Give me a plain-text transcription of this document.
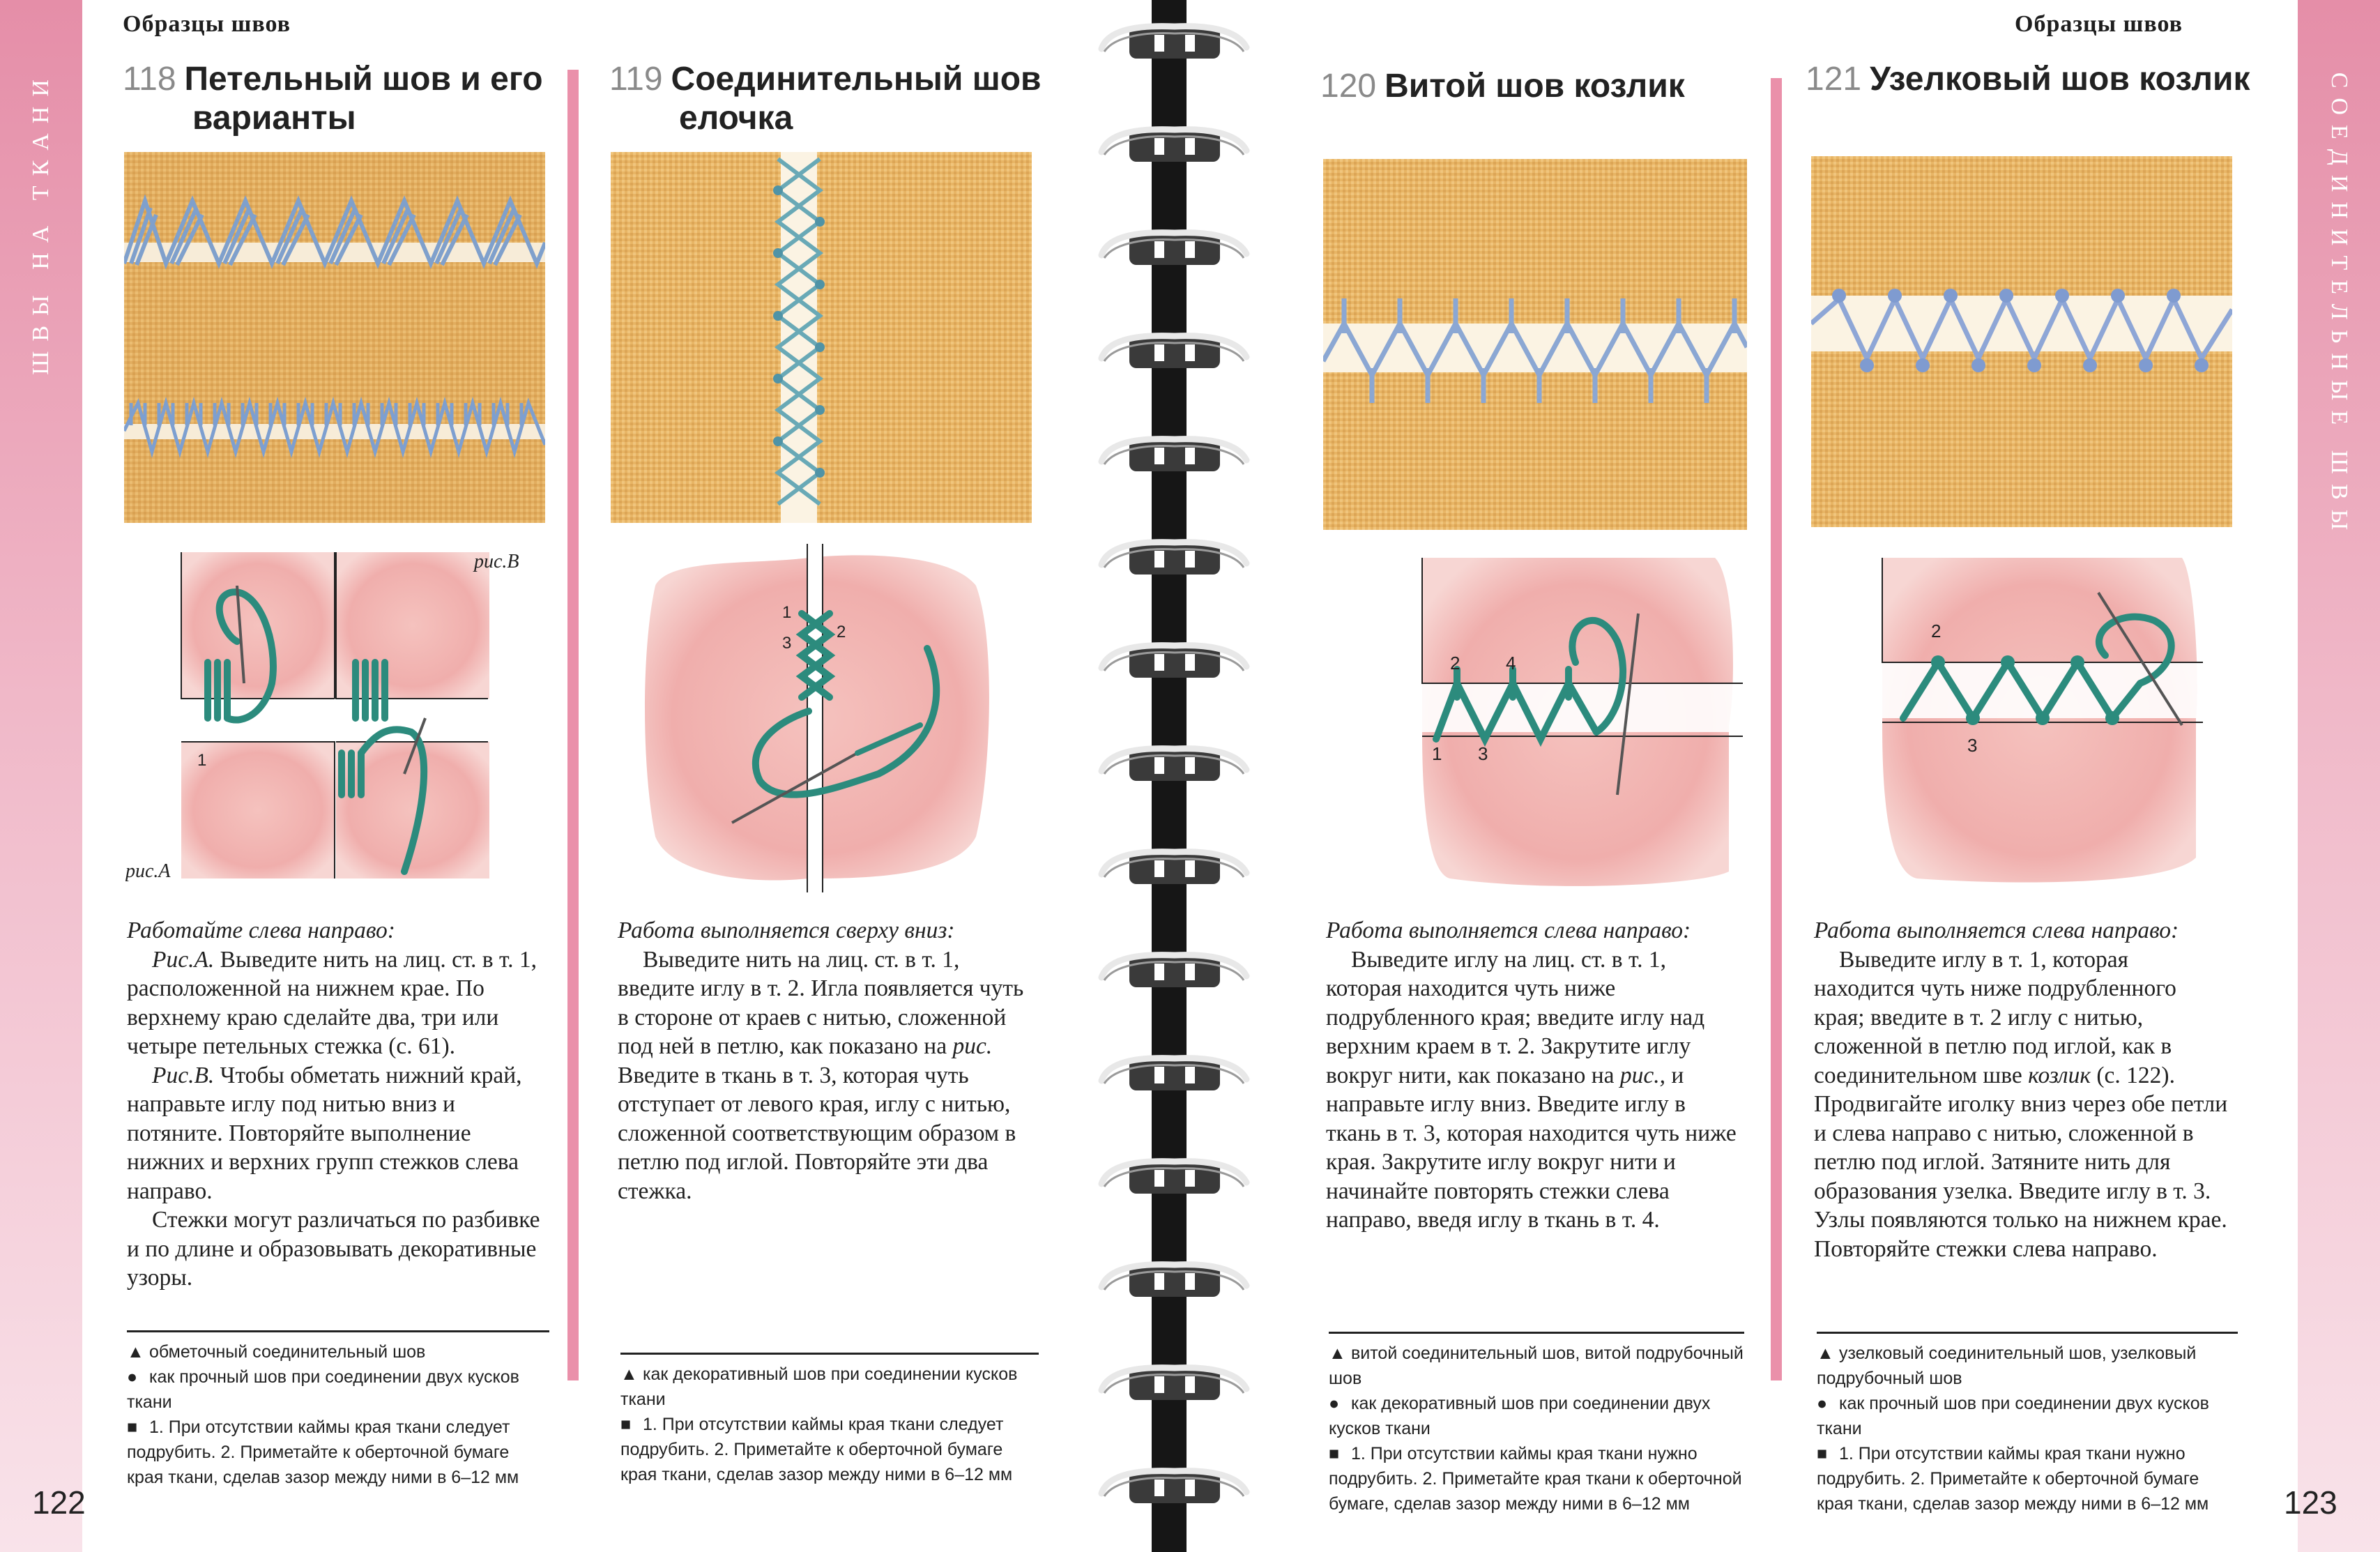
ШВЫ НА ТКАНИ	СОЕДИНИТЕЛЬНЫЕ ШВЫ
122	123
Образцы швов	Образцы швов
118 Петельный шов и его
варианты
1
рис.А
рис.В

Работайте слева направо:

Рис.А. Выведите нить на лиц. ст. в т. 1, расположенной на нижнем крае. По верхнему краю сделайте два, три или четыре петельных стежка (с. 61).

Рис.В. Чтобы обметать нижний край, направьте иглу под нитью вниз и потяните. Повторяйте выполнение нижних и верхних групп стежков слева направо.

Стежки могут различаться по разбивке и по длине и образовывать декоративные узоры.

▲ обметочный соединительный шов
● как прочный шов при соединении двух кусков ткани
■ 1. При отсутствии каймы края ткани следует подрубить. 2. Приметайте к оберточной бумаге края ткани, сделав зазор между ними в 6–12 мм
119 Соединительный шов
елочка
1
2
3

Работа выполняется сверху вниз:

Выведите нить на лиц. ст. в т. 1, введите иглу в т. 2. Игла появляется чуть в стороне от краев с нитью, сложенной под ней в петлю, как показано на рис. Введите в ткань в т. 3, которая чуть отступает от левого края, иглу с нитью, сложенной соответствующим образом в петлю под иглой. Повторяйте эти два стежка.

▲ как декоративный шов при соединении кусков ткани
■ 1. При отсутствии каймы края ткани следует подрубить. 2. Приметайте к оберточной бумаге края ткани, сделав зазор между ними в 6–12 мм
120 Витой шов козлик
2	4
1 3

Работа выполняется слева направо:

Выведите иглу на лиц. ст. в т. 1, которая находится чуть ниже подрубленного края; введите иглу над верхним краем в т. 2. Закрутите иглу вокруг нити, как показано на рис., и направьте иглу вниз. Введите иглу в ткань в т. 3, которая находится чуть ниже края. Закрутите иглу вокруг нити и начинайте повторять стежки слева направо, введя иглу в ткань в т. 4.

▲ витой соединительный шов, витой подрубочный шов
● как декоративный шов при соединении двух кусков ткани
■ 1. При отсутствии каймы края ткани нужно подрубить. 2. Приметайте края ткани к оберточной бумаге, сделав зазор между ними в 6–12 мм
121 Узелковый шов козлик
2
3

Работа выполняется слева направо:

Выведите иглу в т. 1, которая находится чуть ниже подрубленного края; введите в т. 2 иглу с нитью, сложенной в петлю под иглой, как в соединительном шве козлик (с. 122). Продвигайте иголку вниз через обе петли и слева направо с нитью, сложенной в петлю под иглой. Затяните нить для образования узелка. Введите иглу в т. 3. Узлы появляются только на нижнем крае. Повторяйте стежки слева направо.

▲ узелковый соединительный шов, узелковый подрубочный шов
● как прочный шов при соединении двух кусков ткани
■ 1. При отсутствии каймы края ткани нужно подрубить. 2. Приметайте к оберточной бумаге края ткани, сделав зазор между ними в 6–12 мм
